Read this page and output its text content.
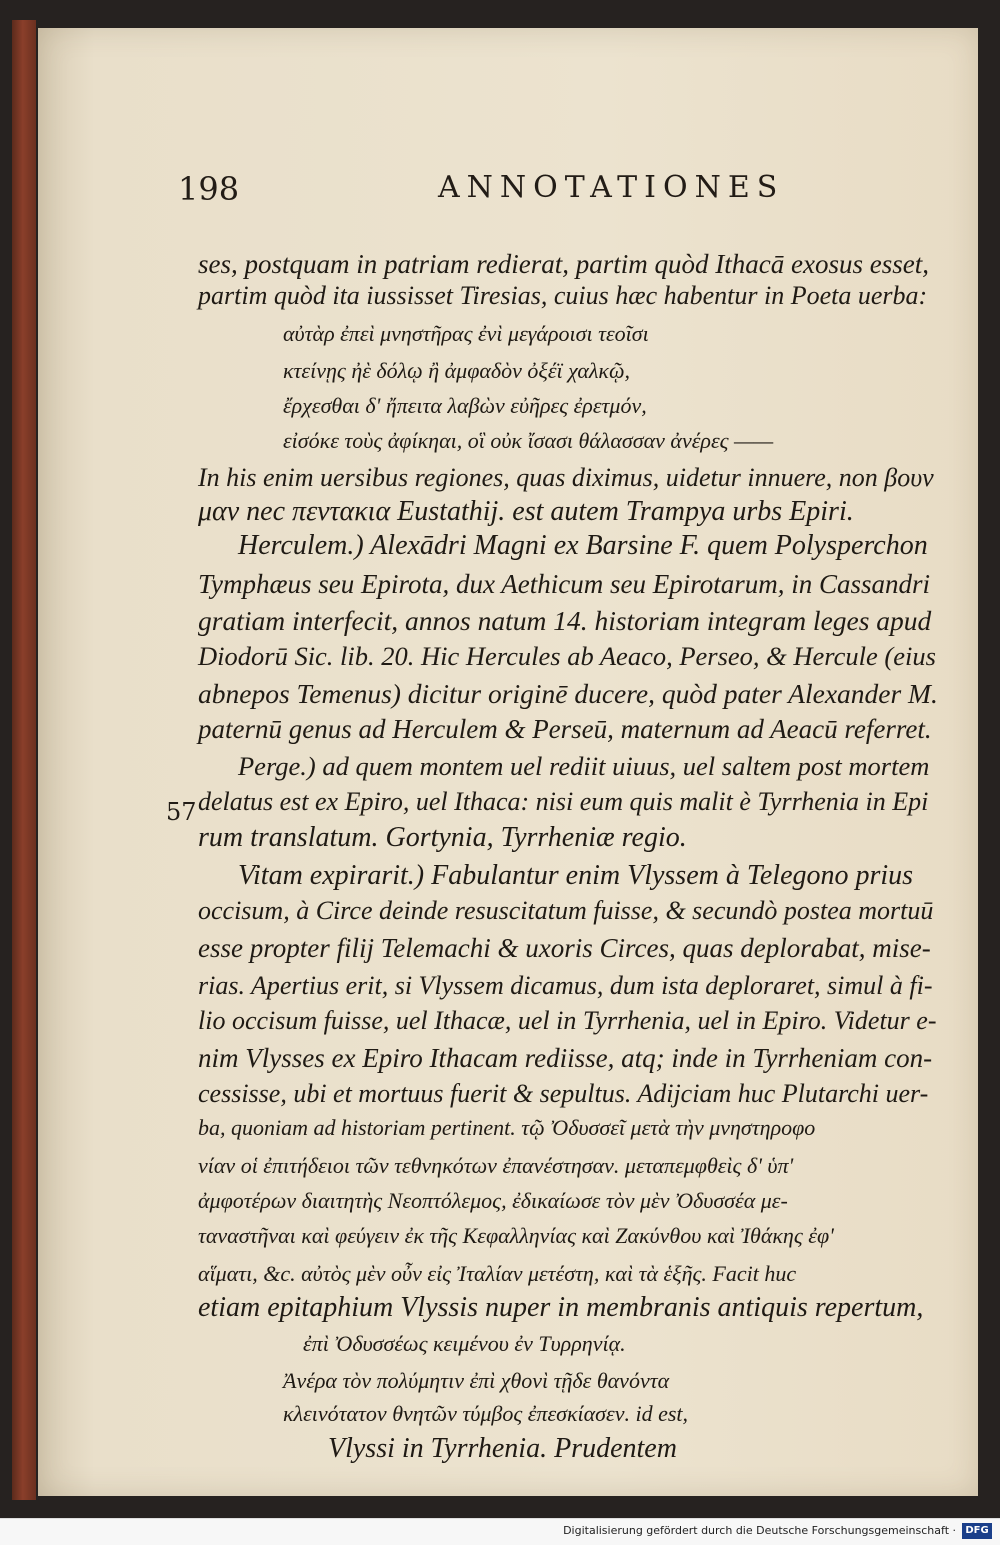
198	ANNOTATIONES
57
ses, postquam in patriam redierat, partim quòd Ithacā exosus esset,
partim quòd ita iussisset Tiresias, cuius hæc habentur in Poeta uerba:
αὐτὰρ ἐπεὶ μνηστῆρας ἐνὶ μεγάροισι τεοῖσι
κτείνῃς ἠὲ δόλῳ ἢ ἀμφαδὸν ὀξέϊ χαλκῷ,
ἔρχεσθαι δ' ἤπειτα λαβὼν εὐῆρες ἐρετμόν,
εἰσόκε τοὺς ἀφίκηαι, οἳ οὐκ ἴσασι θάλασσαν ἀνέρες ——
In his enim uersibus regiones, quas diximus, uidetur innuere, non βουν
μαν nec πεντακια Eustathij. est autem Trampya urbs Epiri.
Herculem.) Alexādri Magni ex Barsine F. quem Polysperchon
Tymphæus seu Epirota, dux Aethicum seu Epirotarum, in Cassandri
gratiam interfecit, annos natum 14. historiam integram leges apud
Diodorū Sic. lib. 20. Hic Hercules ab Aeaco, Perseo, & Hercule (eius
abnepos Temenus) dicitur originē ducere, quòd pater Alexander M.
paternū genus ad Herculem & Perseū, maternum ad Aeacū referret.
Perge.) ad quem montem uel rediit uiuus, uel saltem post mortem
delatus est ex Epiro, uel Ithaca: nisi eum quis malit è Tyrrhenia in Epi
rum translatum. Gortynia, Tyrrheniæ regio.
Vitam expirarit.) Fabulantur enim Vlyssem à Telegono prius
occisum, à Circe deinde resuscitatum fuisse, & secundò postea mortuū
esse propter filij Telemachi & uxoris Circes, quas deplorabat, mise-
rias. Apertius erit, si Vlyssem dicamus, dum ista deploraret, simul à fi-
lio occisum fuisse, uel Ithacæ, uel in Tyrrhenia, uel in Epiro. Videtur e-
nim Vlysses ex Epiro Ithacam rediisse, atq; inde in Tyrrheniam con-
cessisse, ubi et mortuus fuerit & sepultus. Adijciam huc Plutarchi uer-
ba, quoniam ad historiam pertinent. τῷ Ὀδυσσεῖ μετὰ τὴν μνηστηροφο
νίαν οἱ ἐπιτήδειοι τῶν τεθνηκότων ἐπανέστησαν. μεταπεμφθεὶς δ' ὑπ'
ἀμφοτέρων διαιτητὴς Νεοπτόλεμος, ἐδικαίωσε τὸν μὲν Ὀδυσσέα με-
ταναστῆναι καὶ φεύγειν ἐκ τῆς Κεφαλληνίας καὶ Ζακύνθου καὶ Ἰθάκης ἐφ'
αἵματι, &c. αὐτὸς μὲν οὖν εἰς Ἰταλίαν μετέστη, καὶ τὰ ἑξῆς. Facit huc
etiam epitaphium Vlyssis nuper in membranis antiquis repertum,
ἐπὶ Ὀδυσσέως κειμένου ἐν Τυρρηνίᾳ.
Ἀνέρα τὸν πολύμητιν ἐπὶ χθονὶ τῇδε θανόντα
κλεινότατον θνητῶν τύμβος ἐπεσκίασεν. id est,
Vlyssi in Tyrrhenia. Prudentem
Digitalisierung gefördert durch die Deutsche Forschungsgemeinschaft · DFG
